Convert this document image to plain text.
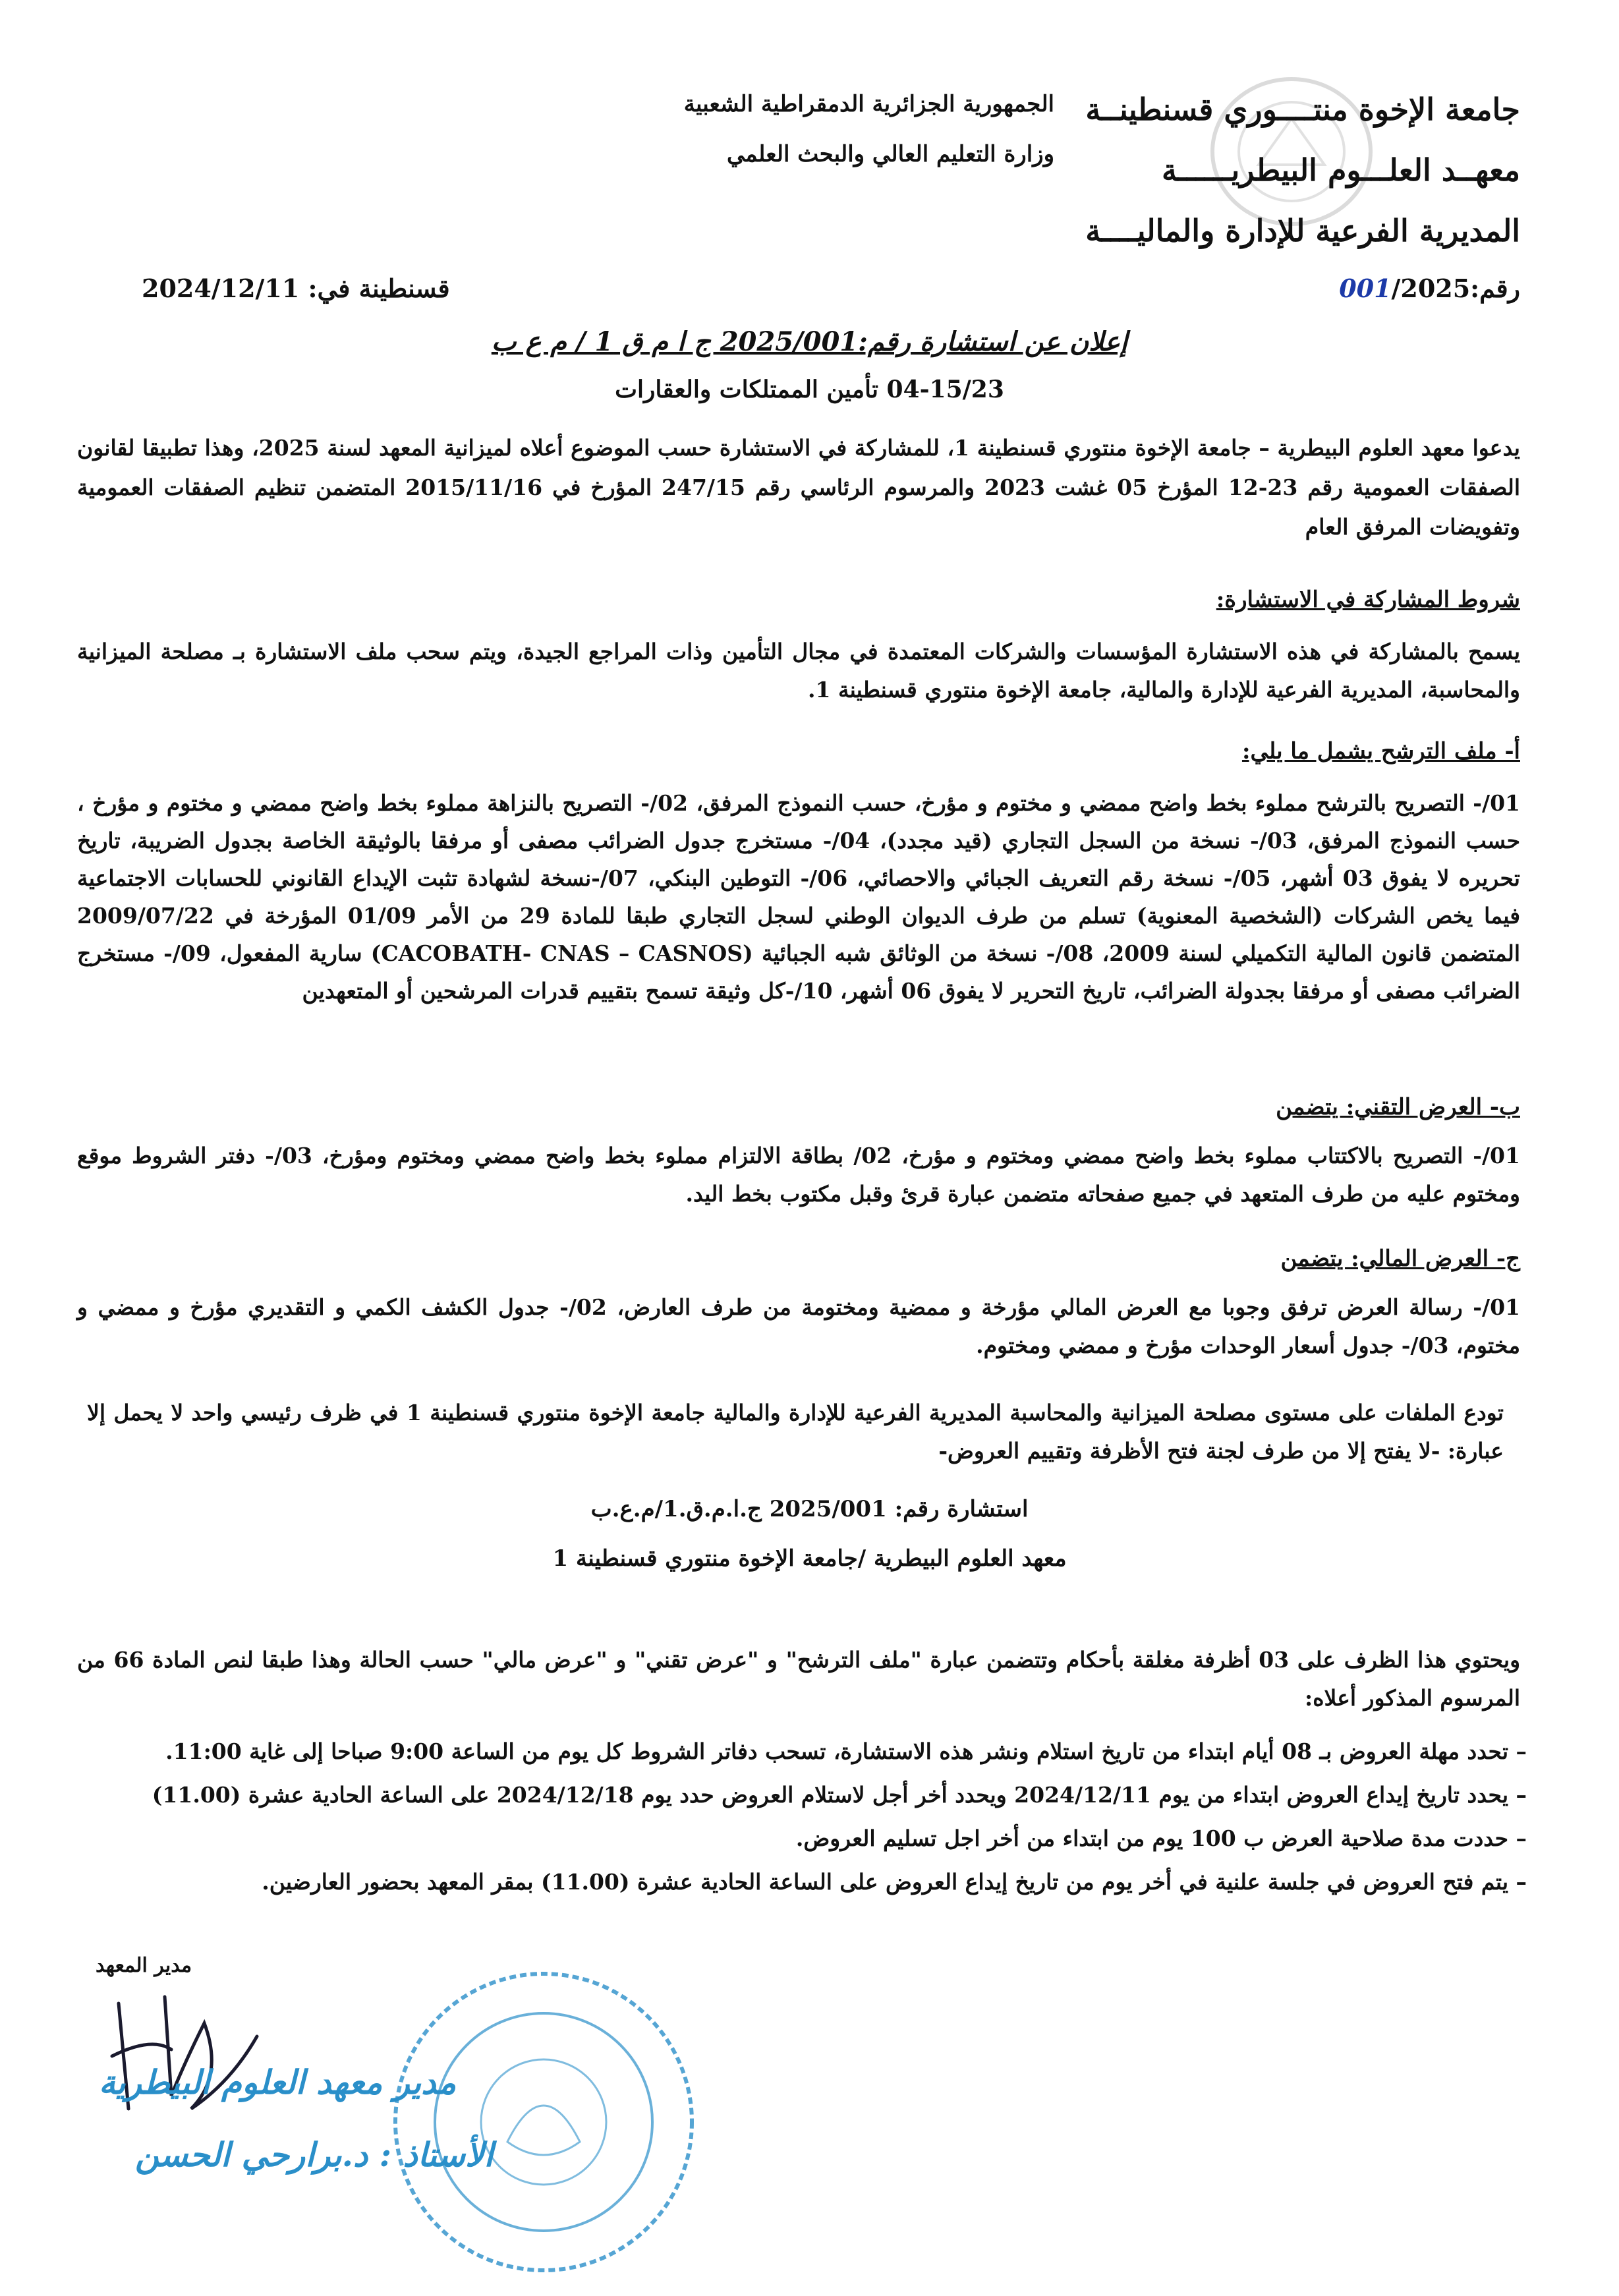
جامعة الإخوة منتــــوري قسنطينــة
معهــد العلـــوم البيطريــــــة
المديرية الفرعية للإدارة والماليــــة
الجمهورية الجزائرية الدمقراطية الشعبية
وزارة التعليم العالي والبحث العلمي
رقم:001/2025
قسنطينة في: 2024/12/11
إعلان عن استشارة رقم:2025/001 ج ا م ق 1 / م ع ب
04-15/23 تأمين الممتلكات والعقارات
يدعوا معهد العلوم البيطرية – جامعة الإخوة منتوري قسنطينة 1، للمشاركة في الاستشارة حسب الموضوع أعلاه لميزانية المعهد لسنة 2025، وهذا تطبيقا لقانون الصفقات العمومية رقم 23-12 المؤرخ 05 غشت 2023 والمرسوم الرئاسي رقم 247/15 المؤرخ في 2015/11/16 المتضمن تنظيم الصفقات العمومية وتفويضات المرفق العام
شروط المشاركة في الاستشارة:
يسمح بالمشاركة في هذه الاستشارة المؤسسات والشركات المعتمدة في مجال التأمين وذات المراجع الجيدة، ويتم سحب ملف الاستشارة بـ مصلحة الميزانية والمحاسبة، المديرية الفرعية للإدارة والمالية، جامعة الإخوة منتوري قسنطينة 1.
أ- ملف الترشح يشمل ما يلي:
01/- التصريح بالترشح مملوء بخط واضح ممضي و مختوم و مؤرخ، حسب النموذج المرفق، 02/- التصريح بالنزاهة مملوء بخط واضح ممضي و مختوم و مؤرخ ، حسب النموذج المرفق، 03/- نسخة من السجل التجاري (قيد مجدد)، 04/- مستخرج جدول الضرائب مصفى أو مرفقا بالوثيقة الخاصة بجدول الضريبة، تاريخ تحريره لا يفوق 03 أشهر، 05/- نسخة رقم التعريف الجبائي والاحصائي، 06/- التوطين البنكي، 07/-نسخة لشهادة تثبت الإيداع القانوني للحسابات الاجتماعية فيما يخص الشركات (الشخصية المعنوية) تسلم من طرف الديوان الوطني لسجل التجاري طبقا للمادة 29 من الأمر 01/09 المؤرخة في 2009/07/22 المتضمن قانون المالية التكميلي لسنة 2009، 08/- نسخة من الوثائق شبه الجبائية (CACOBATH- CNAS – CASNOS) سارية المفعول، 09/- مستخرج الضرائب مصفى أو مرفقا بجدولة الضرائب، تاريخ التحرير لا يفوق 06 أشهر، 10/-كل وثيقة تسمح بتقييم قدرات المرشحين أو المتعهدين
ب- العرض التقني: يتضمن
01/- التصريح بالاكتتاب مملوء بخط واضح ممضي ومختوم و مؤرخ، 02/ بطاقة الالتزام مملوء بخط واضح ممضي ومختوم ومؤرخ، 03/- دفتر الشروط موقع ومختوم عليه من طرف المتعهد في جميع صفحاته متضمن عبارة قرئ وقبل مكتوب بخط اليد.
ج- العرض المالي: يتضمن
01/- رسالة العرض ترفق وجوبا مع العرض المالي مؤرخة و ممضية ومختومة من طرف العارض، 02/- جدول الكشف الكمي و التقديري مؤرخ و ممضي و مختوم، 03/- جدول أسعار الوحدات مؤرخ و ممضي ومختوم.
تودع الملفات على مستوى مصلحة الميزانية والمحاسبة المديرية الفرعية للإدارة والمالية جامعة الإخوة منتوري قسنطينة 1 في ظرف رئيسي واحد لا يحمل إلا عبارة: -لا يفتح إلا من طرف لجنة فتح الأظرفة وتقييم العروض-
استشارة رقم: 2025/001 ج.ا.م.ق.1/م.ع.ب
معهد العلوم البيطرية /جامعة الإخوة منتوري قسنطينة 1
ويحتوي هذا الظرف على 03 أظرفة مغلقة بأحكام وتتضمن عبارة "ملف الترشح" و "عرض تقني" و "عرض مالي" حسب الحالة وهذا طبقا لنص المادة 66 من المرسوم المذكور أعلاه:
– تحدد مهلة العروض بـ 08 أيام ابتداء من تاريخ استلام ونشر هذه الاستشارة، تسحب دفاتر الشروط كل يوم من الساعة 9:00 صباحا إلى غاية 11:00.
– يحدد تاريخ إيداع العروض ابتداء من يوم 2024/12/11 ويحدد أخر أجل لاستلام العروض حدد يوم 2024/12/18 على الساعة الحادية عشرة (11.00)
– حددت مدة صلاحية العرض ب 100 يوم من ابتداء من أخر اجل تسليم العروض.
– يتم فتح العروض في جلسة علنية في أخر يوم من تاريخ إيداع العروض على الساعة الحادية عشرة (11.00) بمقر المعهد بحضور العارضين.
مدير المعهد
مدير معهد العلوم البيطرية
الأستاذ : د.برارحي الحسن
